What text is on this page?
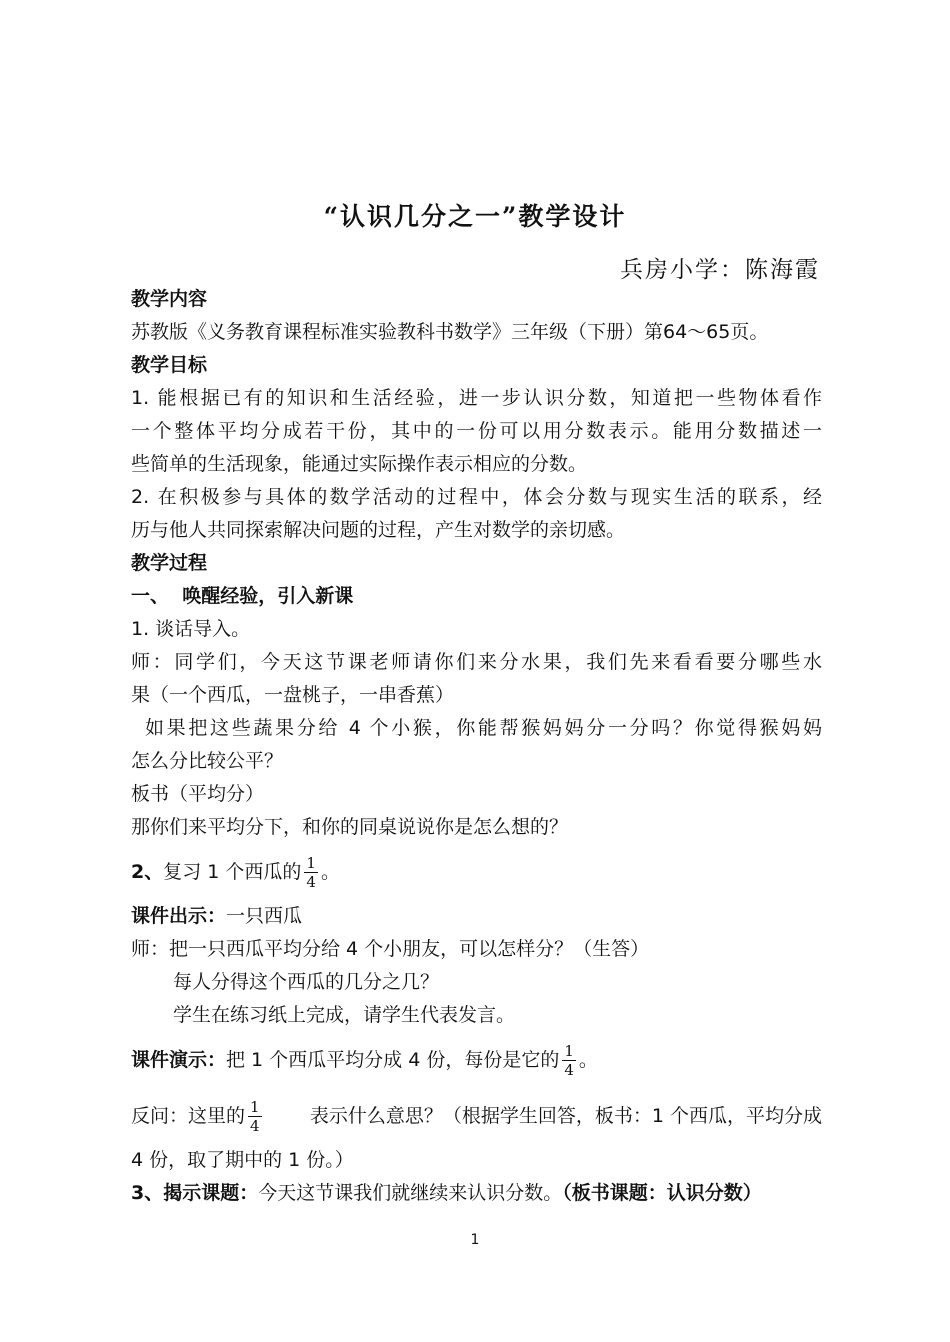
“认识几分之一”教学设计
兵房小学：陈海霞
教学内容
苏教版《义务教育课程标准实验教科书数学》三年级（下册）第64～65页。
教学目标
1. 能根据已有的知识和生活经验，进一步认识分数，知道把一些物体看作
一个整体平均分成若干份，其中的一份可以用分数表示。能用分数描述一
些简单的生活现象，能通过实际操作表示相应的分数。
2. 在积极参与具体的数学活动的过程中，体会分数与现实生活的联系，经
历与他人共同探索解决问题的过程，产生对数学的亲切感。
教学过程
一、  唤醒经验，引入新课
1. 谈话导入。
师：同学们，今天这节课老师请你们来分水果，我们先来看看要分哪些水
果（一个西瓜，一盘桃子，一串香蕉）
如果把这些蔬果分给 4 个小猴，你能帮猴妈妈分一分吗？你觉得猴妈妈
怎么分比较公平？
板书（平均分）
那你们来平均分下，和你的同桌说说你是怎么想的？
2、 复习 1 个西瓜的 $\frac{1}{4}$ 。
课件出示：一只西瓜
师：把一只西瓜平均分给 4 个小朋友，可以怎样分？（生答）
每人分得这个西瓜的几分之几？
学生在练习纸上完成，请学生代表发言。
课件演示： 把 1 个西瓜平均分成 4 份，每份是它的 $\frac{1}{4}$ 。
反问：这里的 $\frac{1}{4}$	表示什么意思？（根据学生回答，板书：1 个西瓜，平均分成
4 份，取了期中的 1 份。）
3、揭示课题：今天这节课我们就继续来认识分数。（板书课题：认识分数）
1
